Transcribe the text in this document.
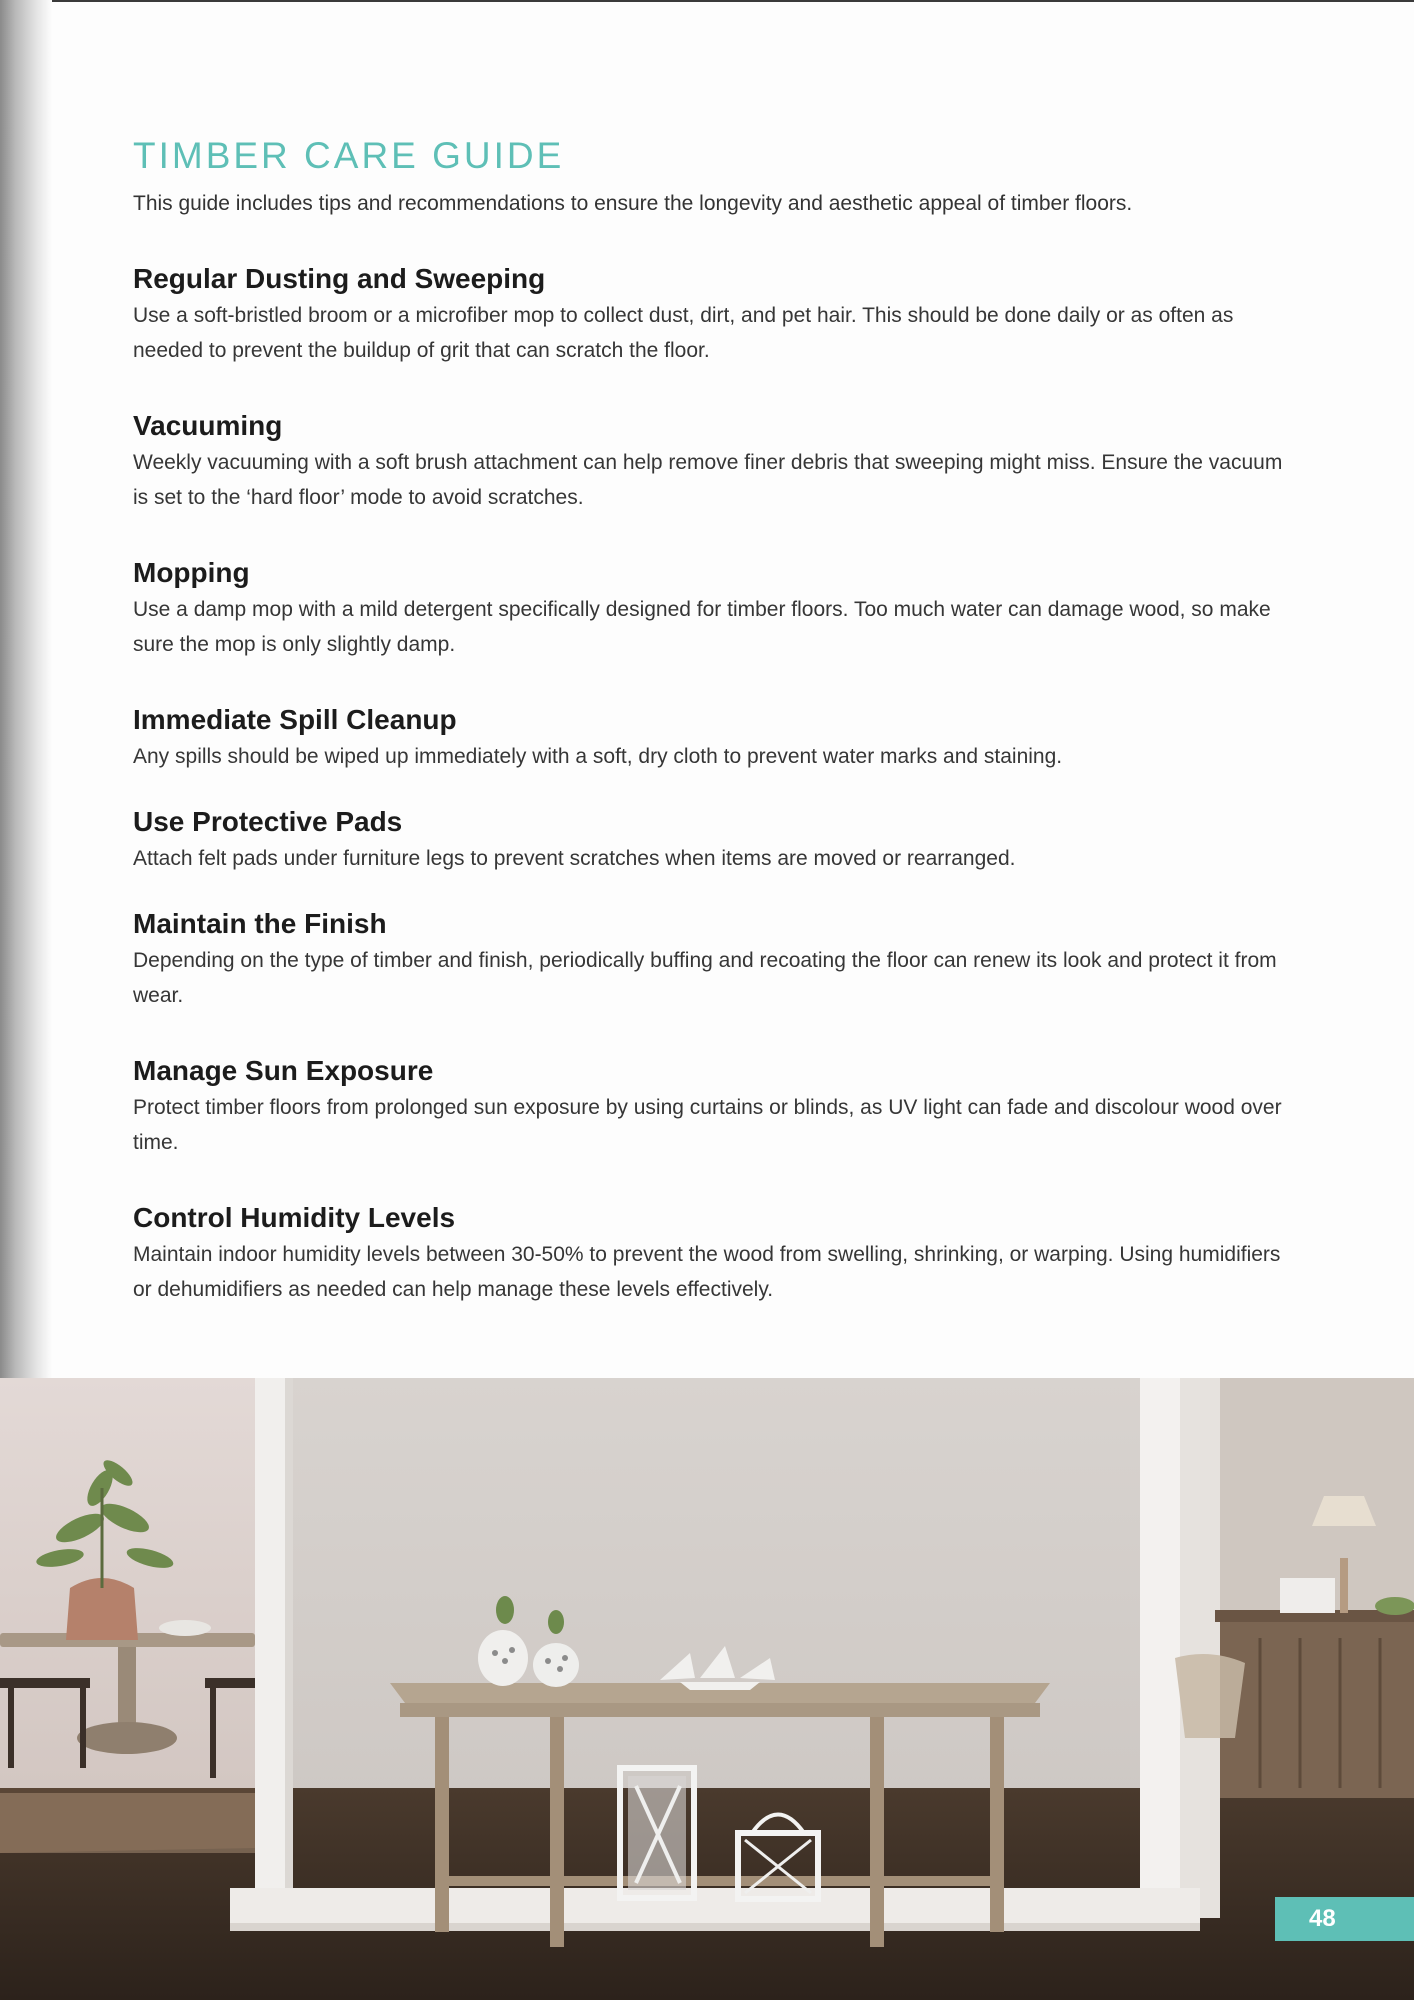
TIMBER CARE GUIDE

This guide includes tips and recommendations to ensure the longevity and aesthetic appeal of timber floors.

Regular Dusting and Sweeping

Use a soft-bristled broom or a microfiber mop to collect dust, dirt, and pet hair. This should be done daily or as often as needed to prevent the buildup of grit that can scratch the floor.

Vacuuming

Weekly vacuuming with a soft brush attachment can help remove finer debris that sweeping might miss. Ensure the vacuum is set to the ‘hard floor’ mode to avoid scratches.

Mopping

Use a damp mop with a mild detergent specifically designed for timber floors. Too much water can damage wood, so make sure the mop is only slightly damp.

Immediate Spill Cleanup

Any spills should be wiped up immediately with a soft, dry cloth to prevent water marks and staining.

Use Protective Pads

Attach felt pads under furniture legs to prevent scratches when items are moved or rearranged.

Maintain the Finish

Depending on the type of timber and finish, periodically buffing and recoating the floor can renew its look and protect it from wear.

Manage Sun Exposure

Protect timber floors from prolonged sun exposure by using curtains or blinds, as UV light can fade and discolour wood over time.

Control Humidity Levels

Maintain indoor humidity levels between 30-50% to prevent the wood from swelling, shrinking, or warping. Using humidifiers or dehumidifiers as needed can help manage these levels effectively.

48
